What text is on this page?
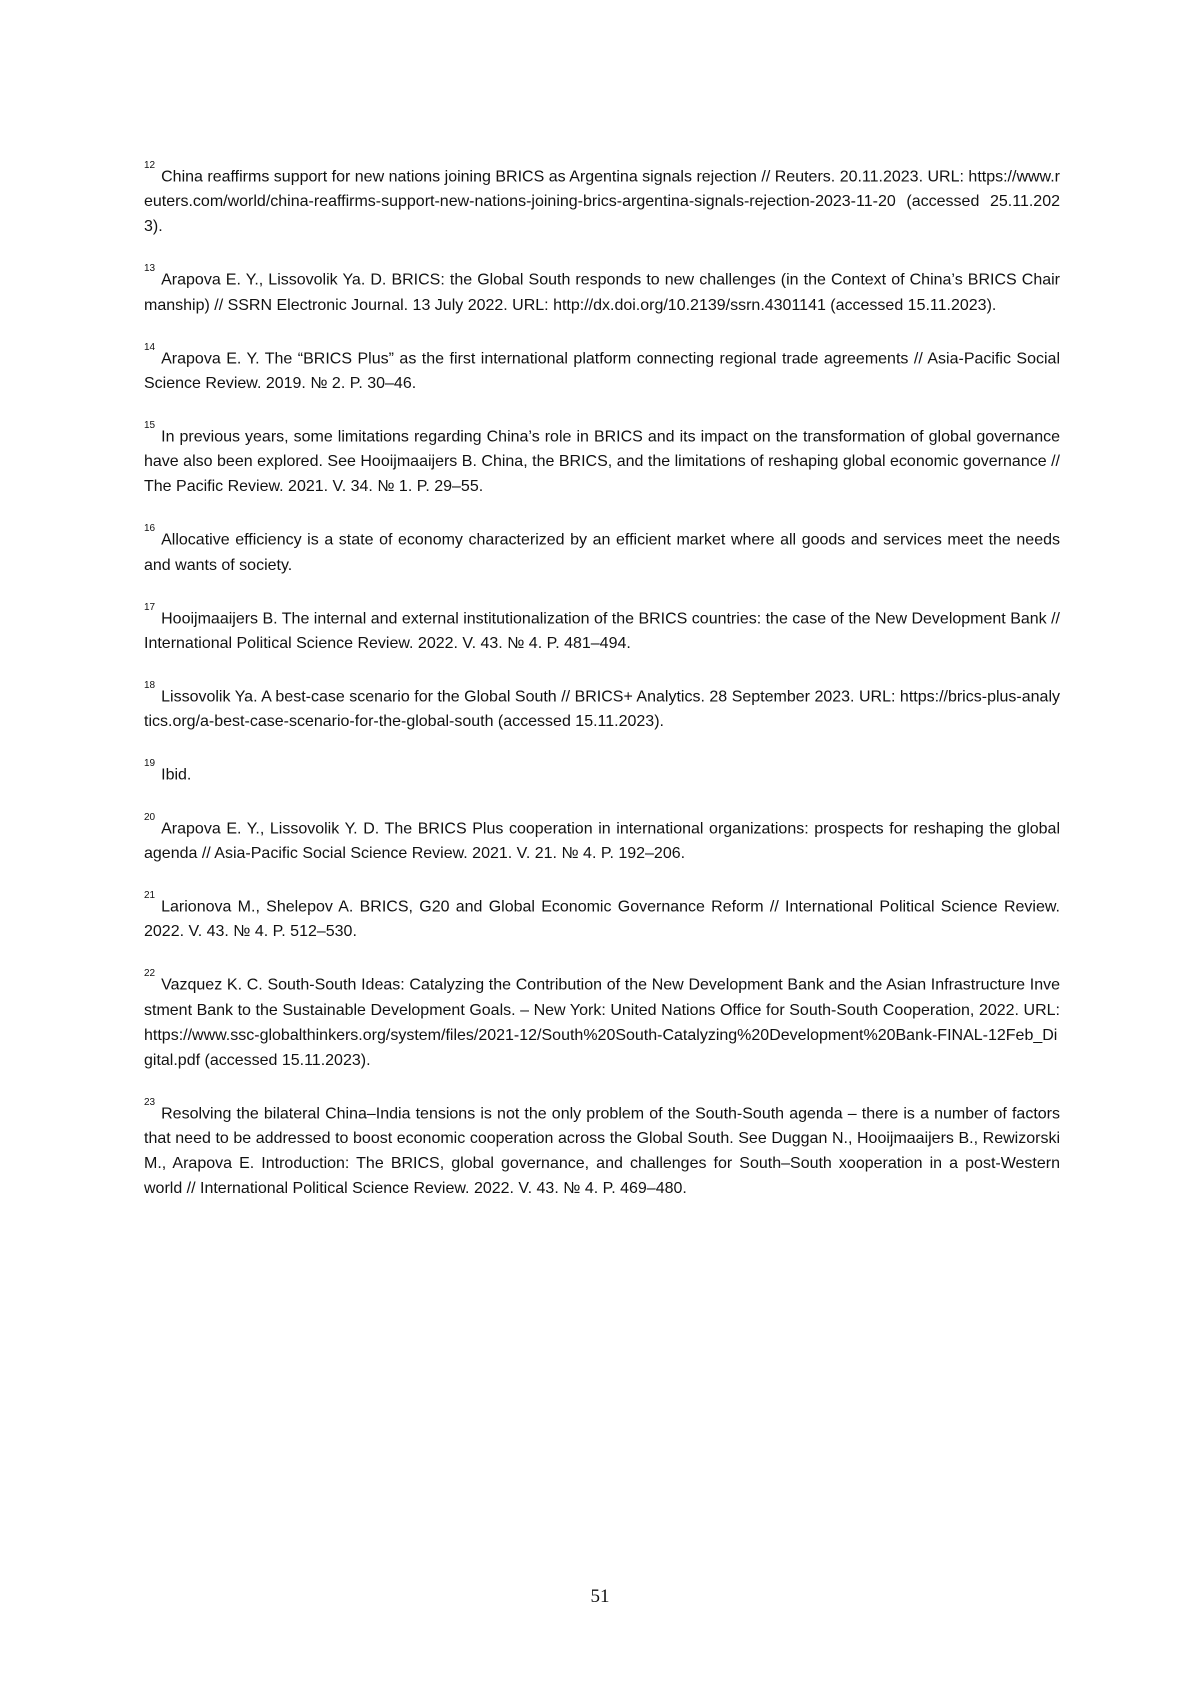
$^{12}$China reaffirms support for new nations joining BRICS as Argentina signals rejection // Reuters. 20.11.2023. URL: https://www.reuters.com/world/china-reaffirms-support-new-nations-joining-brics-argentina-signals-rejection-2023-11-20 (accessed 25.11.2023).

$^{13}$Arapova E. Y., Lissovolik Ya. D. BRICS: the Global South responds to new challenges (in the Context of China’s BRICS Chairmanship) // SSRN Electronic Journal. 13 July 2022. URL: http://dx.doi.org/10.2139/ssrn.4301141 (accessed 15.11.2023).

$^{14}$Arapova E. Y. The “BRICS Plus” as the first international platform connecting regional trade agreements // Asia-Pacific Social Science Review. 2019. № 2. P. 30–46.

$^{15}$In previous years, some limitations regarding China’s role in BRICS and its impact on the transformation of global governance have also been explored. See Hooijmaaijers B. China, the BRICS, and the limitations of reshaping global economic governance // The Pacific Review. 2021. V. 34. № 1. P. 29–55.

$^{16}$Allocative efficiency is a state of economy characterized by an efficient market where all goods and services meet the needs and wants of society.

$^{17}$Hooijmaaijers B. The internal and external institutionalization of the BRICS countries: the case of the New Development Bank // International Political Science Review. 2022. V. 43. № 4. P. 481–494.

$^{18}$Lissovolik Ya. A best-case scenario for the Global South // BRICS+ Analytics. 28 September 2023. URL: https://brics-plus-analytics.org/a-best-case-scenario-for-the-global-south (accessed 15.11.2023).

$^{19}$Ibid.

$^{20}$Arapova E. Y., Lissovolik Y. D. The BRICS Plus cooperation in international organizations: prospects for reshaping the global agenda // Asia-Pacific Social Science Review. 2021. V. 21. № 4. P. 192–206.

$^{21}$Larionova M., Shelepov A. BRICS, G20 and Global Economic Governance Reform // International Political Science Review. 2022. V. 43. № 4. P. 512–530.

$^{22}$Vazquez K. C. South-South Ideas: Catalyzing the Contribution of the New Development Bank and the Asian Infrastructure Investment Bank to the Sustainable Development Goals. – New York: United Nations Office for South-South Cooperation, 2022. URL: https://www.ssc-globalthinkers.org/system/files/2021-12/South%20South-Catalyzing%20Development%20Bank-FINAL-12Feb_Digital.pdf (accessed 15.11.2023).

$^{23}$Resolving the bilateral China–India tensions is not the only problem of the South-South agenda – there is a number of factors that need to be addressed to boost economic cooperation across the Global South. See Duggan N., Hooijmaaijers B., Rewizorski M., Arapova E. Introduction: The BRICS, global governance, and challenges for South–South xooperation in a post-Western world // International Political Science Review. 2022. V. 43. № 4. P. 469–480.

51
